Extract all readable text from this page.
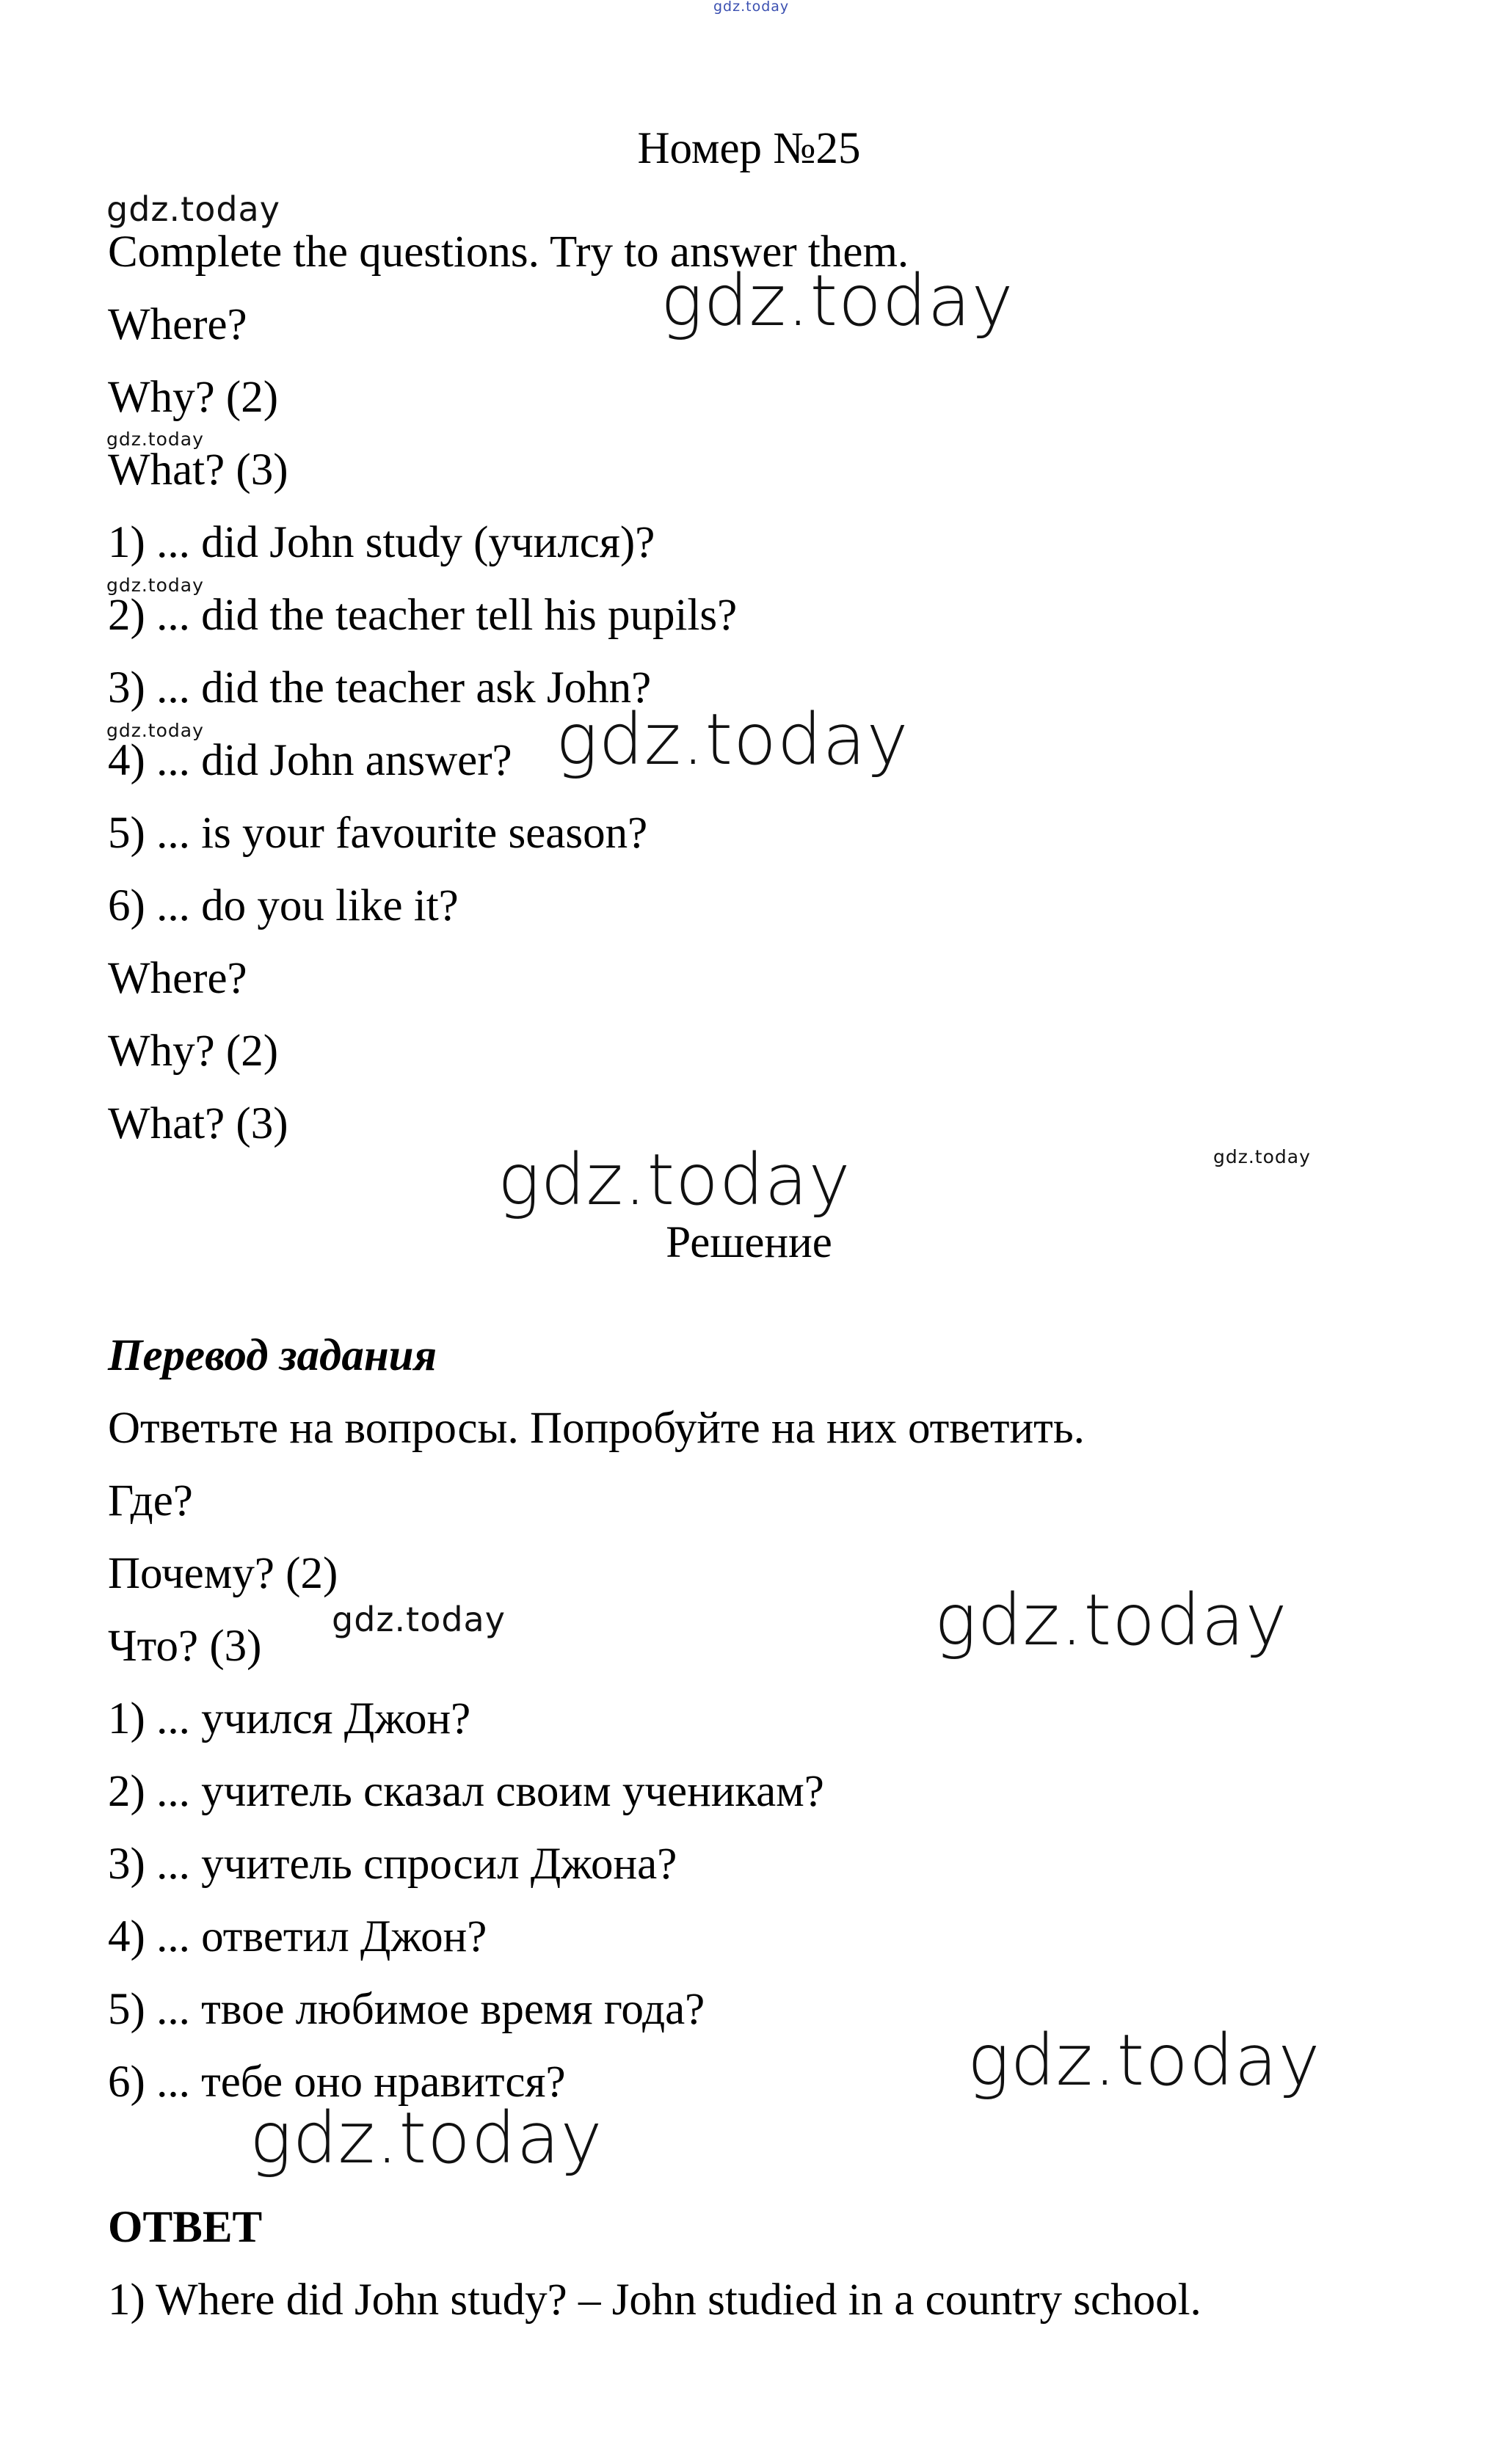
gdz.today
Номер №25
gdz.today
Complete the questions. Try to answer them.
gdz.today
Where?
Why? (2)
gdz.today
What? (3)
1) ... did John study (учился)?
gdz.today
2) ... did the teacher tell his pupils?
3) ... did the teacher ask John?
gdz.today
4) ... did John answer? gdz.today
5) ... is your favourite season?
6) ... do you like it?
Where?
Why? (2)
What? (3)
gdz.today	gdz.today
Решение
Перевод задания
Ответьте на вопросы. Попробуйте на них ответить.
Где?
Почему? (2)
gdz.today	gdz.today
Что? (3)
1) ... учился Джон?
2) ... учитель сказал своим ученикам?
3) ... учитель спросил Джона?
4) ... ответил Джон?
5) ... твое любимое время года?
gdz.today
6) ... тебе оно нравится?
gdz.today
ОТВЕТ
1) Where did John study? – John studied in a country school.
